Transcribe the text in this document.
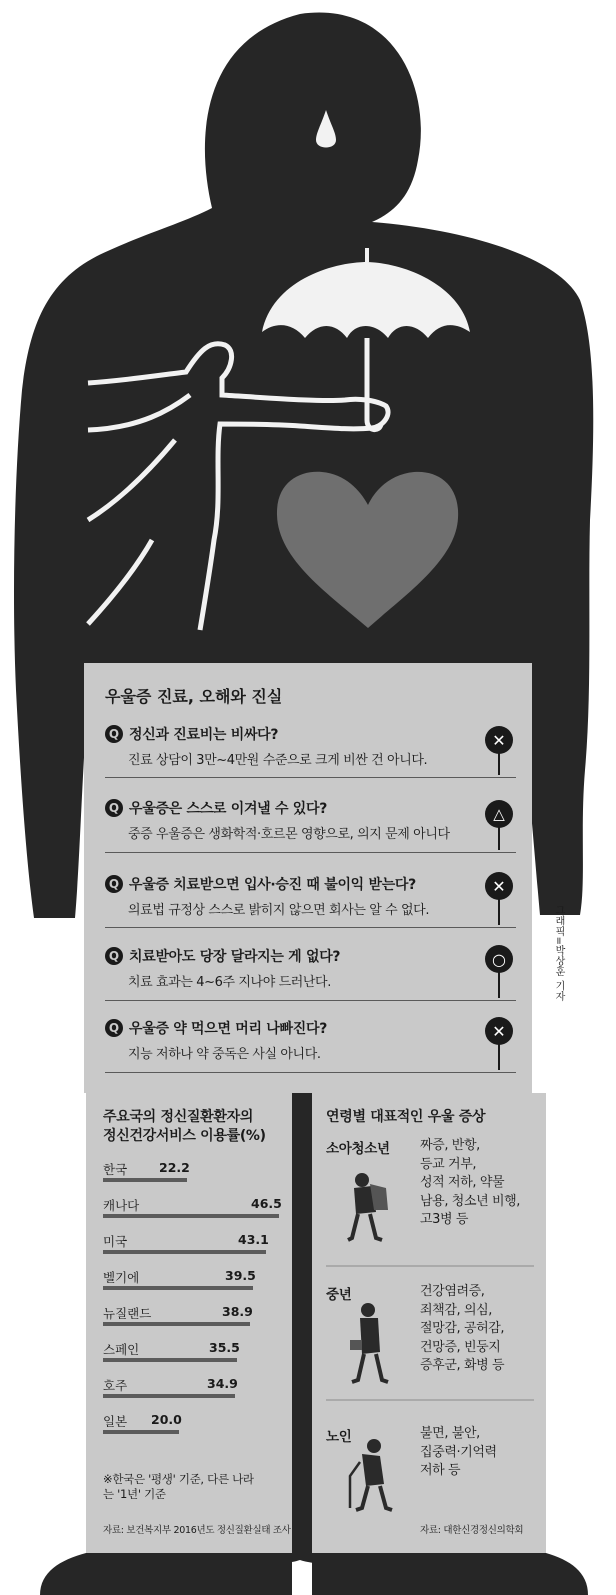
우울증 진료, 오해와 진실
Q 정신과 진료비는 비싸다?
진료 상담이 3만~4만원 수준으로 크게 비싼 건 아니다.
✕
Q 우울증은 스스로 이겨낼 수 있다?
중증 우울증은 생화학적·호르몬 영향으로, 의지 문제 아니다
△
Q 우울증 치료받으면 입사·승진 때 불이익 받는다?
의료법 규정상 스스로 밝히지 않으면 회사는 알 수 없다.
✕
Q 치료받아도 당장 달라지는 게 없다?
치료 효과는 4~6주 지나야 드러난다.
○
Q 우울증 약 먹으면 머리 나빠진다?
지능 저하나 약 중독은 사실 아니다.
✕
주요국의 정신질환환자의
정신건강서비스 이용률(%)
한국	22.2
캐나다	46.5
미국	43.1
벨기에	39.5
뉴질랜드	38.9
스페인	35.5
호주	34.9
일본 20.0
※한국은 '평생' 기준, 다른 나라
는 '1년' 기준
자료: 보건복지부 2016년도 정신질환실태 조사
연령별 대표적인 우울 증상
소아청소년 짜증, 반항,
등교 거부,
성적 저하, 약물
남용, 청소년 비행,
고3병 등
중년	건강염려증,
죄책감, 의심,
절망감, 공허감,
건망증, 빈둥지
증후군, 화병 등
노인	불면, 불안,
집중력·기억력
저하 등
자료: 대한신경정신의학회
그래픽=박상훈 기자
